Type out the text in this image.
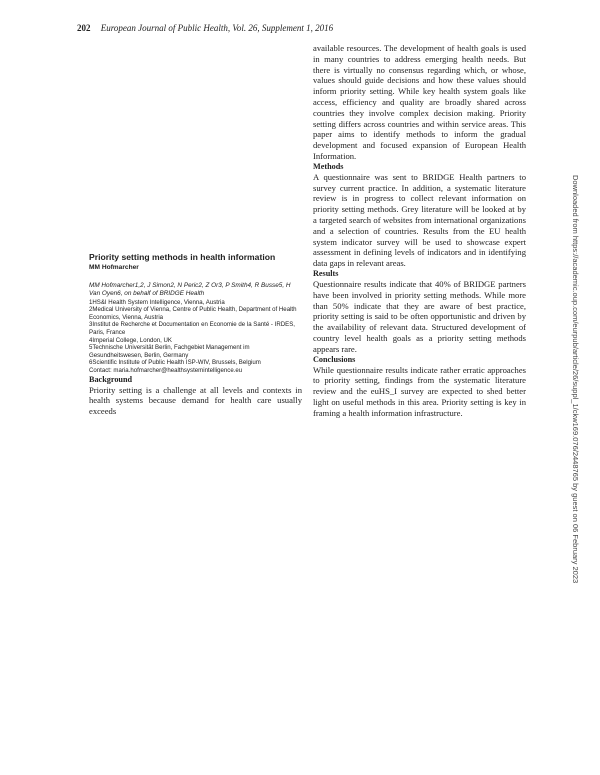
202 European Journal of Public Health, Vol. 26, Supplement 1, 2016

Priority setting methods in health information

MM Hofmarcher

MM Hofmarcher1,2, J Simon2, N Peric2, Z Or3, P Smith4, R Busse5, H Van Oyen6, on behalf of BRIDGE Health

1HS&I Health System Intelligence, Vienna, Austria

2Medical University of Vienna, Centre of Public Health, Department of Health Economics, Vienna, Austria

3Institut de Recherche et Documentation en Economie de la Santé - IRDES, Paris, France

4Imperial College, London, UK

5Technische Universität Berlin, Fachgebiet Management im Gesundheitswesen, Berlin, Germany

6Scientific Institute of Public Health ISP-WIV, Brussels, Belgium

Contact: maria.hofmarcher@healthsystemintelligence.eu

Background

Priority setting is a challenge at all levels and contexts in health systems because demand for health care usually exceeds

available resources. The development of health goals is used in many countries to address emerging health needs. But there is virtually no consensus regarding which, or whose, values should guide decisions and how these values should inform priority setting. While key health system goals like access, efficiency and quality are broadly shared across countries they involve complex decision making. Priority setting differs across countries and within service areas. This paper aims to identify methods to inform the gradual development and focused expansion of European Health Information.

Methods

A questionnaire was sent to BRIDGE Health partners to survey current practice. In addition, a systematic literature review is in progress to collect relevant information on priority setting methods. Grey literature will be looked at by a targeted search of websites from international organizations and a selection of countries. Results from the EU health system indicator survey will be used to showcase expert assessment in defining levels of indicators and in identifying data gaps in relevant areas.

Results

Questionnaire results indicate that 40% of BRIDGE partners have been involved in priority setting methods. While more than 50% indicate that they are aware of best practice, priority setting is said to be often opportunistic and driven by the availability of relevant data. Structured development of country level health goals as a priority setting methods appears rare.

Conclusions

While questionnaire results indicate rather erratic approaches to priority setting, findings from the systematic literature review and the euHS_I survey are expected to shed better light on useful methods in this area. Priority setting is key in framing a health information infrastructure.	Downloaded from https://academic.oup.com/eurpub/article/26/suppl_1/ckw169.076/2448765 by guest on 06 February 2023
